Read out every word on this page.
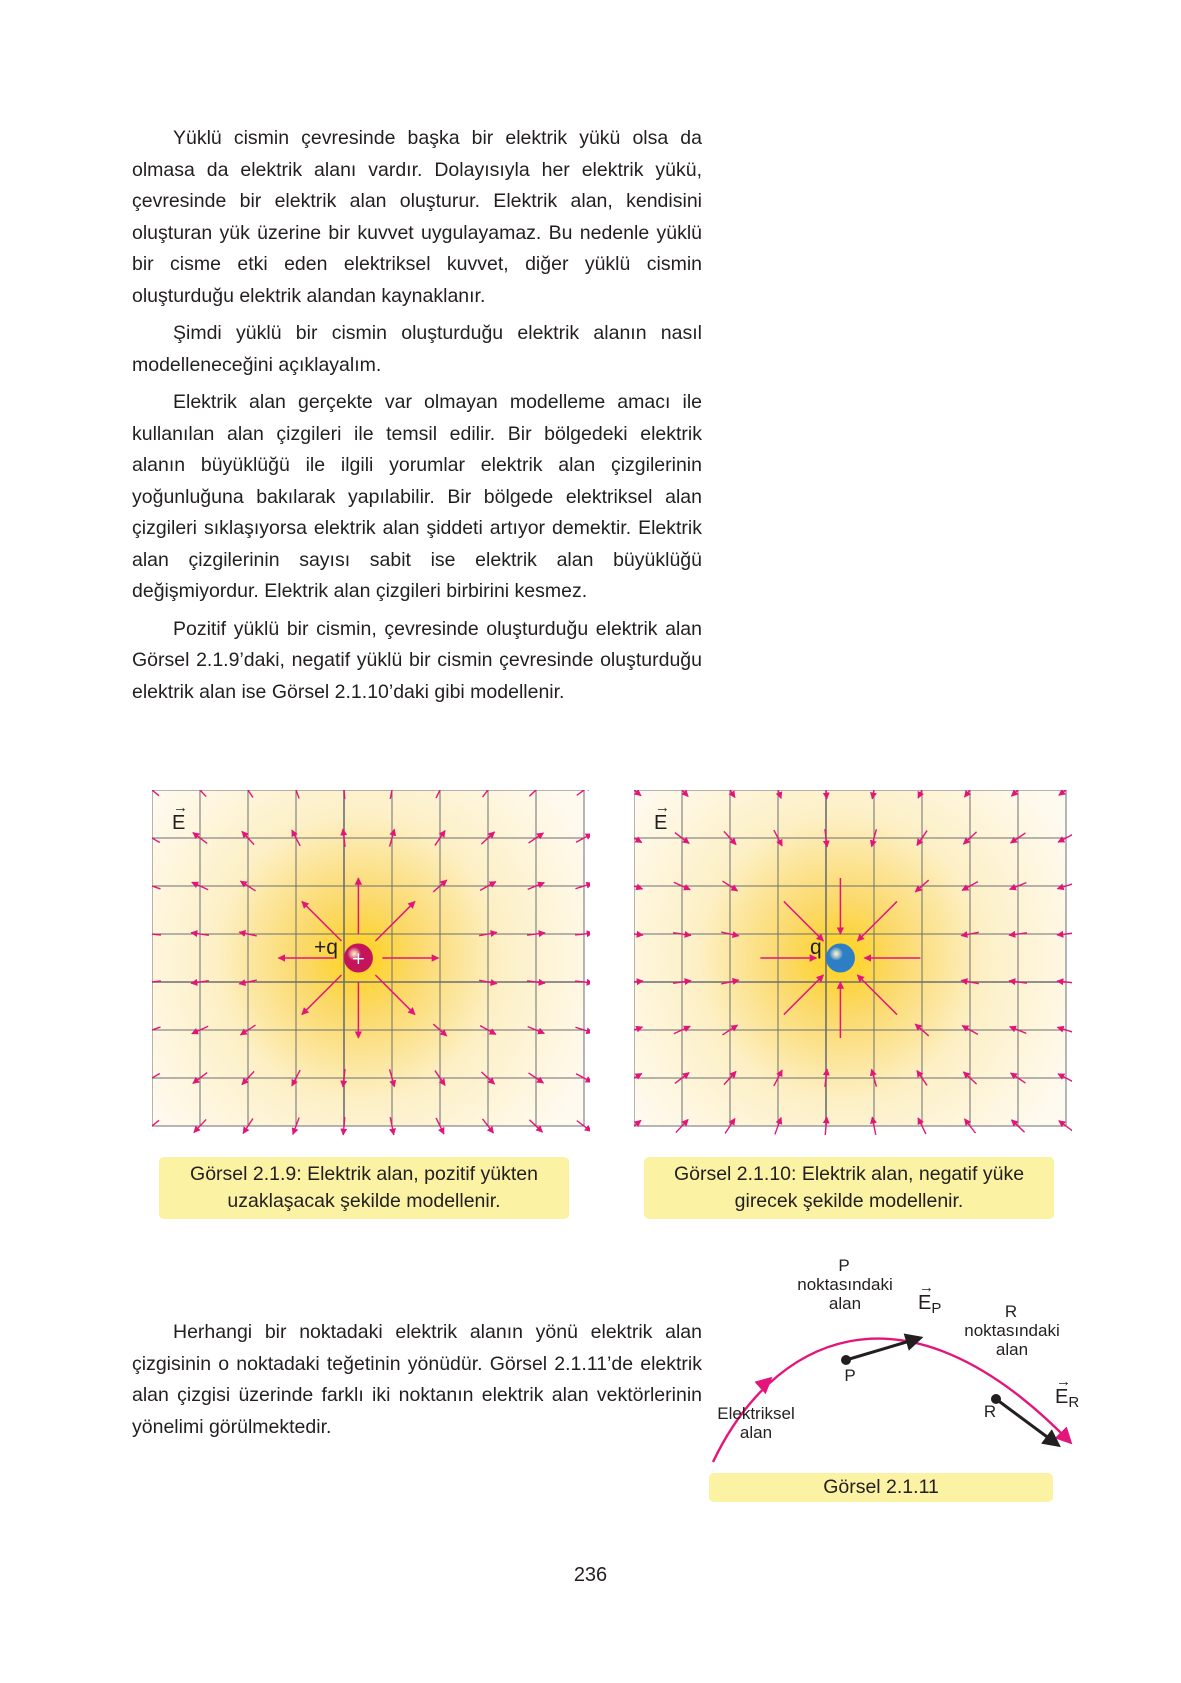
Yüklü cismin çevresinde başka bir elektrik yükü olsa da olmasa da elektrik alanı vardır. Dolayısıyla her elektrik yükü, çevresinde bir elektrik alan oluşturur. Elektrik alan, kendisini oluşturan yük üzerine bir kuvvet uygulayamaz. Bu nedenle yüklü bir cisme etki eden elektriksel kuvvet, diğer yüklü cismin oluşturduğu elektrik alandan kaynaklanır.

Şimdi yüklü bir cismin oluşturduğu elektrik alanın nasıl modelleneceğini açıklayalım.

Elektrik alan gerçekte var olmayan modelleme amacı ile kullanılan alan çizgileri ile temsil edilir. Bir bölgedeki elektrik alanın büyüklüğü ile ilgili yorumlar elektrik alan çizgilerinin yoğunluğuna bakılarak yapılabilir. Bir bölgede elektriksel alan çizgileri sıklaşıyorsa elektrik alan şiddeti artıyor demektir. Elektrik alan çizgilerinin sayısı sabit ise elektrik alan büyüklüğü değişmiyordur. Elektrik alan çizgileri birbirini kesmez.

Pozitif yüklü bir cismin, çevresinde oluşturduğu elektrik alan Görsel 2.1.9’daki, negatif yüklü bir cismin çevresinde oluşturduğu elektrik alan ise Görsel 2.1.10’daki gibi modellenir.

+
→
E
+q
Görsel 2.1.9: Elektrik alan, pozitif yükten uzaklaşacak şekilde modellenir.
→
E
q
Görsel 2.1.10: Elektrik alan, negatif yüke girecek şekilde modellenir.

Herhangi bir noktadaki elektrik alanın yönü elektrik alan çizgisinin o noktadaki teğetinin yönüdür. Görsel 2.1.11’de elektrik alan çizgisi üzerinde farklı iki noktanın elektrik alan vektörlerinin yönelimi görülmektedir.

P
noktasındaki
alan
P
→
$E_P$	R
noktasındaki
alan
R
→
$E_R$
Elektriksel
alan
Görsel 2.1.11
236
